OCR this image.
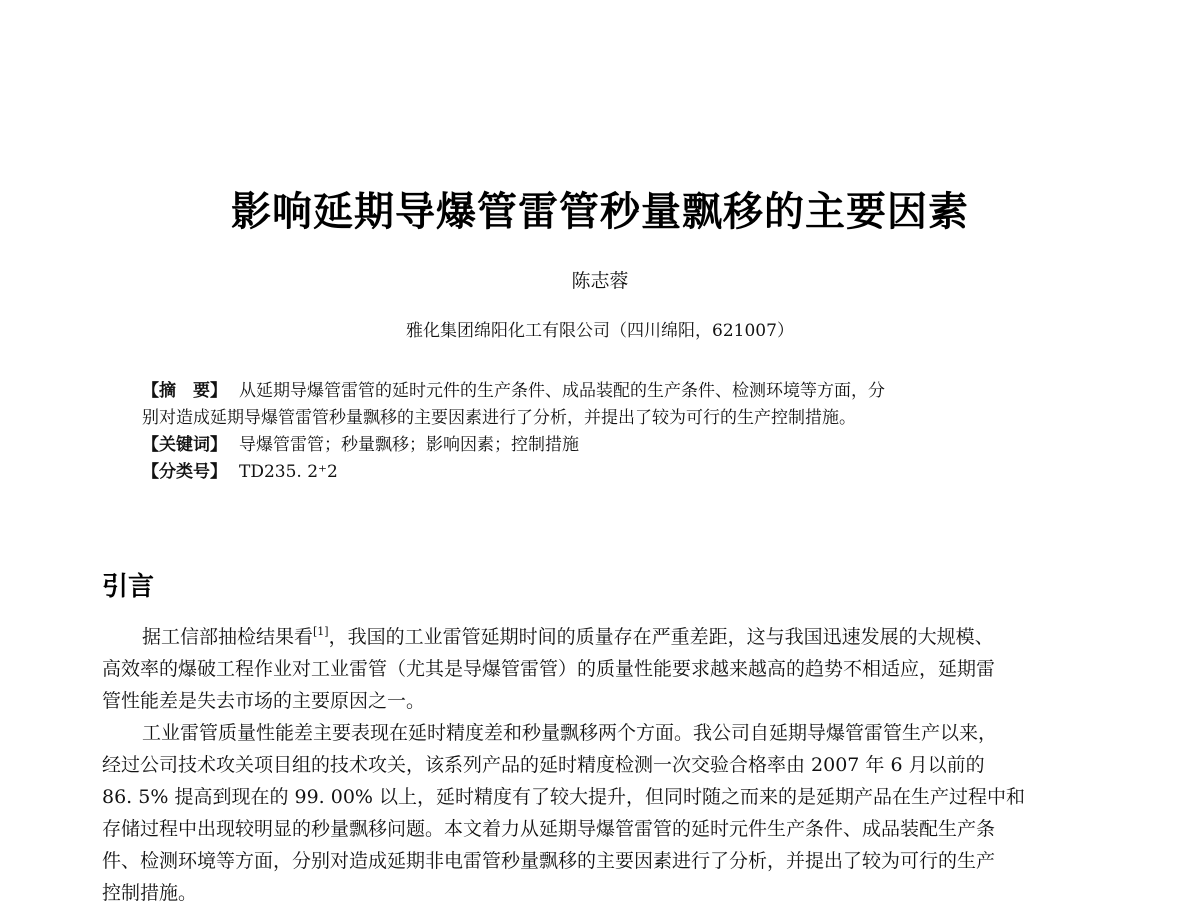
影响延期导爆管雷管秒量飘移的主要因素
陈志蓉
雅化集团绵阳化工有限公司（四川绵阳，621007）
【摘　要】 从延期导爆管雷管的延时元件的生产条件、成品装配的生产条件、检测环境等方面，分
别对造成延期导爆管雷管秒量飘移的主要因素进行了分析，并提出了较为可行的生产控制措施。
【关键词】 导爆管雷管；秒量飘移；影响因素；控制措施
【分类号】 TD235. 2⁺2
引言
据工信部抽检结果看[1]，我国的工业雷管延期时间的质量存在严重差距，这与我国迅速发展的大规模、
高效率的爆破工程作业对工业雷管（尤其是导爆管雷管）的质量性能要求越来越高的趋势不相适应，延期雷
管性能差是失去市场的主要原因之一。
工业雷管质量性能差主要表现在延时精度差和秒量飘移两个方面。我公司自延期导爆管雷管生产以来，
经过公司技术攻关项目组的技术攻关，该系列产品的延时精度检测一次交验合格率由 2007 年 6 月以前的
86. 5% 提高到现在的 99. 00% 以上，延时精度有了较大提升，但同时随之而来的是延期产品在生产过程中和
存储过程中出现较明显的秒量飘移问题。本文着力从延期导爆管雷管的延时元件生产条件、成品装配生产条
件、检测环境等方面，分别对造成延期非电雷管秒量飘移的主要因素进行了分析，并提出了较为可行的生产
控制措施。
